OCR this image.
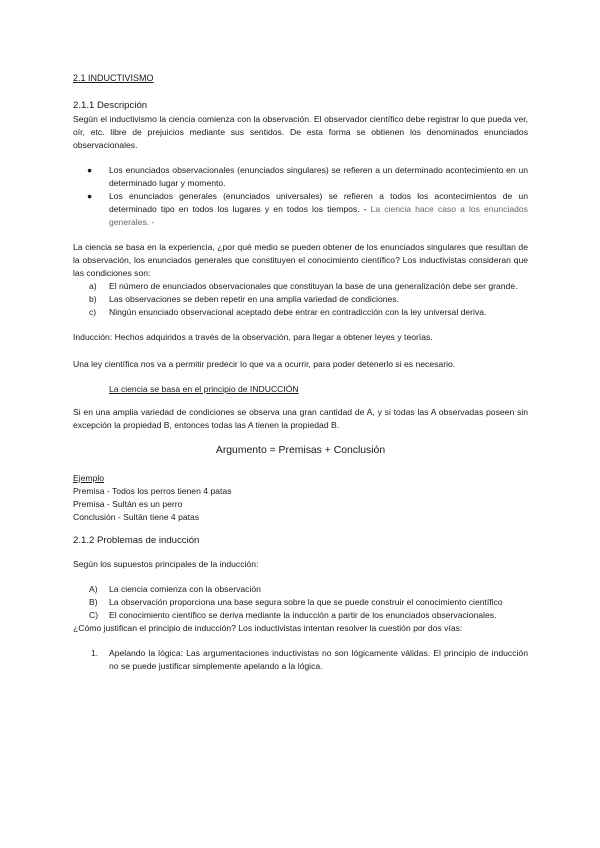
2.1 INDUCTIVISMO
2.1.1 Descripción

Según el inductivismo la ciencia comienza con la observación. El observador científico debe registrar lo que pueda ver, oír, etc. libre de prejuicios mediante sus sentidos. De esta forma se obtienen los denominados enunciados observacionales.

● Los enunciados observacionales (enunciados singulares) se refieren a un determinado acontecimiento en un determinado lugar y momento.
● Los enunciados generales (enunciados universales) se refieren a todos los acontecimientos de un determinado tipo en todos los lugares y en todos los tiempos. - La ciencia hace caso a los enunciados generales. -

La ciencia se basa en la experiencia, ¿por qué medio se pueden obtener de los enunciados singulares que resultan de la observación, los enunciados generales que constituyen el conocimiento científico? Los inductivistas consideran que las condiciones son:

a) El número de enunciados observacionales que constituyan la base de una generalización debe ser grande.
b) Las observaciones se deben repetir en una amplia variedad de condiciones.
c) Ningún enunciado observacional aceptado debe entrar en contradicción con la ley universal deriva.

Inducción: Hechos adquiridos a través de la observación, para llegar a obtener leyes y teorías.

Una ley científica nos va a permitir predecir lo que va a ocurrir, para poder detenerlo si es necesario.

La ciencia se basa en el principio de INDUCCIÓN

Si en una amplia variedad de condiciones se observa una gran cantidad de A, y si todas las A observadas poseen sin excepción la propiedad B, entonces todas las A tienen la propiedad B.

Argumento = Premisas + Conclusión
Ejemplo
Premisa - Todos los perros tienen 4 patas
Premisa - Sultán es un perro
Conclusión - Sultán tiene 4 patas
2.1.2 Problemas de inducción

Según los supuestos principales de la inducción:

A) La ciencia comienza con la observación
B) La observación proporciona una base segura sobre la que se puede construir el conocimiento científico
C) El conocimiento científico se deriva mediante la inducción a partir de los enunciados observacionales.

¿Cómo justifican el principio de inducción? Los inductivistas intentan resolver la cuestión por dos vías:

1. Apelando la lógica: Las argumentaciones inductivistas no son lógicamente válidas. El principio de inducción no se puede justificar simplemente apelando a la lógica.
